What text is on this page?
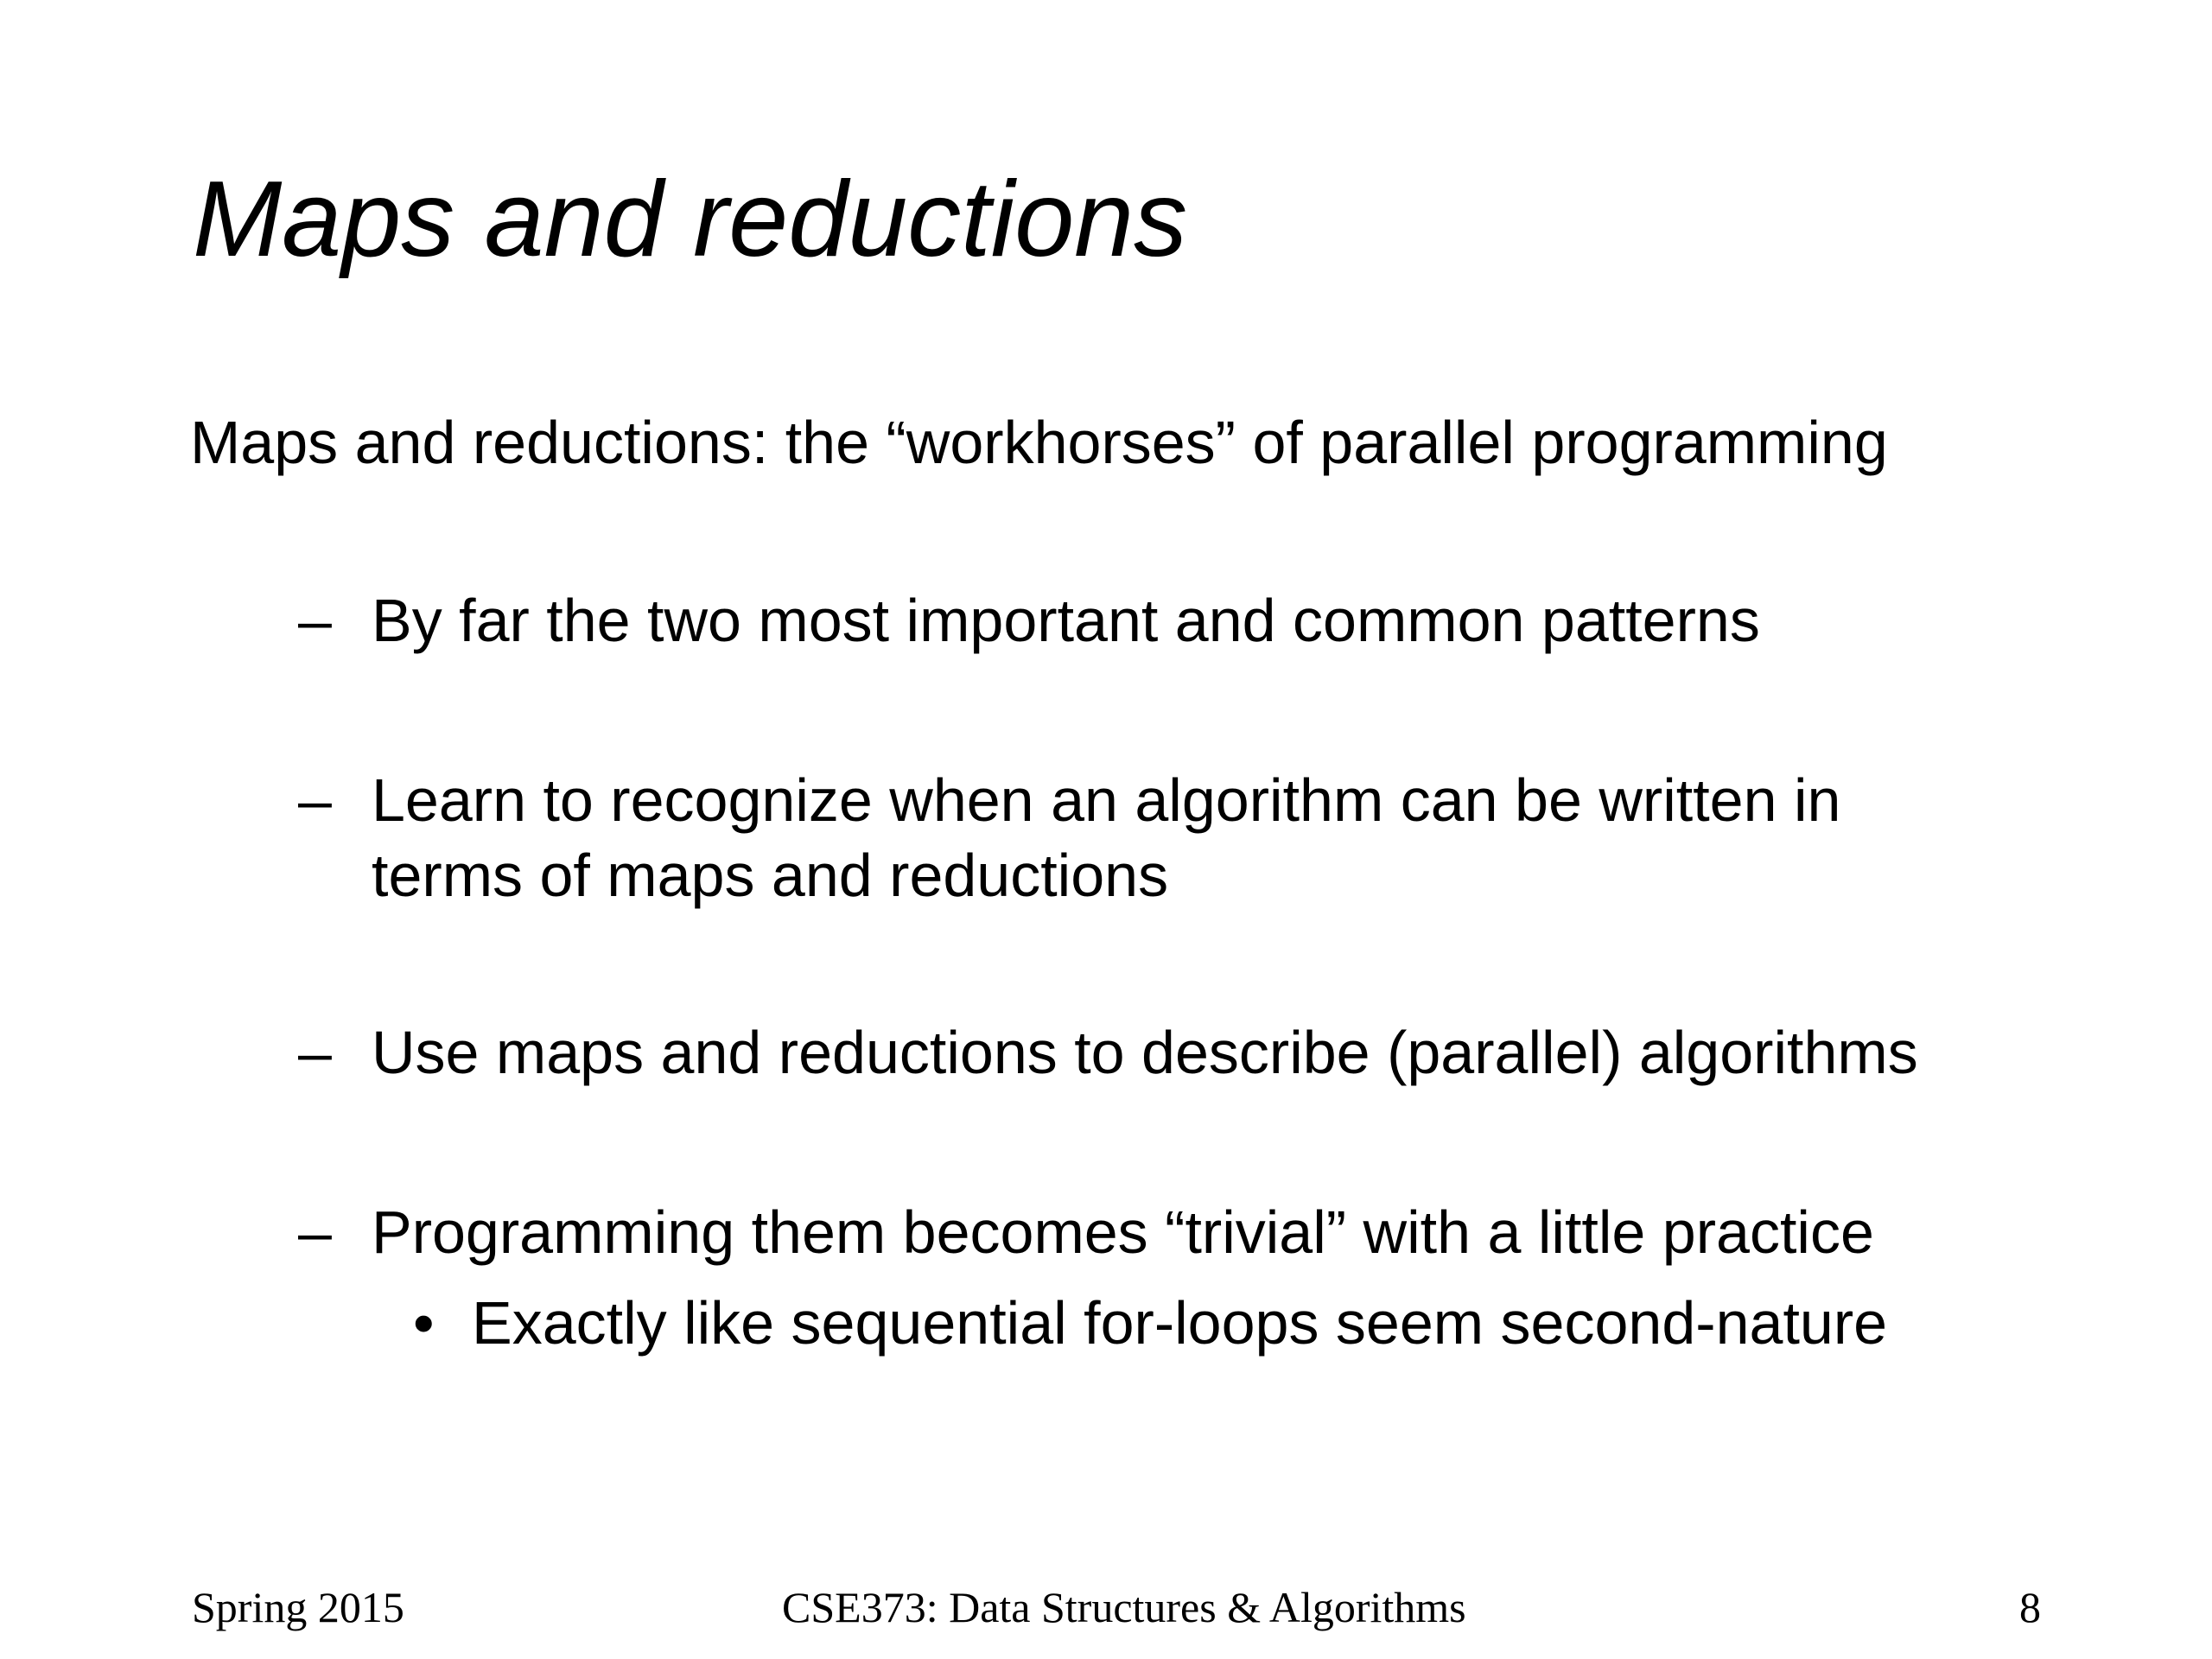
Maps and reductions
Maps and reductions: the “workhorses” of parallel programming
– By far the two most important and common patterns
– Learn to recognize when an algorithm can be written in
terms of maps and reductions
– Use maps and reductions to describe (parallel) algorithms
– Programming them becomes “trivial” with a little practice
• Exactly like sequential for-loops seem second-nature
Spring 2015	CSE373: Data Structures & Algorithms	8
